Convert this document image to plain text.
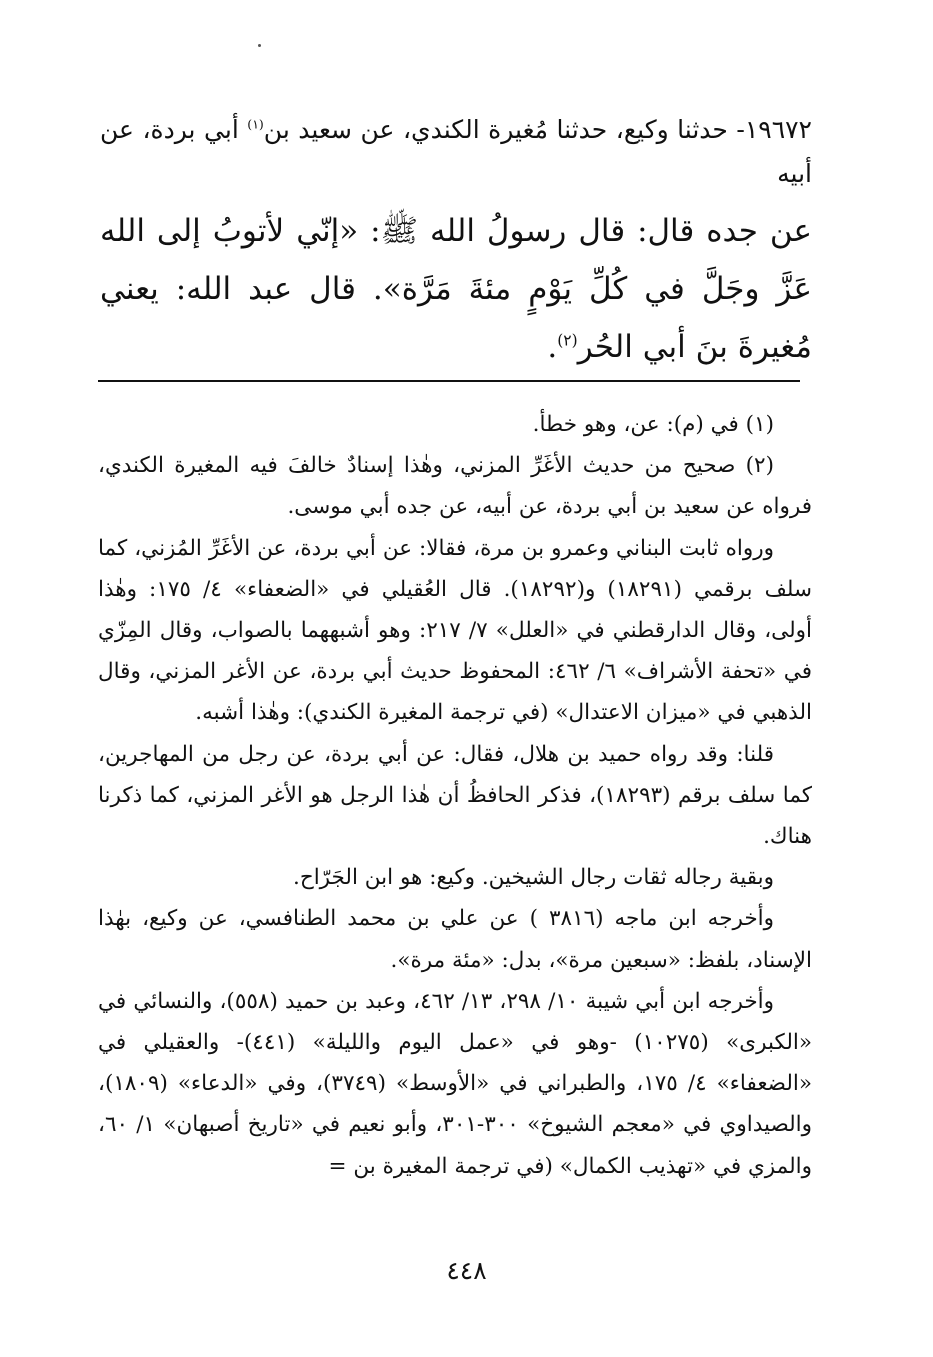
١٩٦٧٢- حدثنا وكيع، حدثنا مُغيرة الكندي، عن سعيد بن$^{(١)}$ أبي بردة، عن أبيه

عن جده قال: قال رسولُ الله ﷺ: «إنّي لأتوبُ إلى الله عَزَّ وجَلَّ في كُلِّ يَوْمٍ مئةَ مَرَّة». قال عبد الله: يعني مُغيرةَ بنَ أبي الحُر$^{(٢)}$.

(١) في (م): عن، وهو خطأ.

(٢) صحيح من حديث الأغَرِّ المزني، وهٰذا إسنادٌ خالفَ فيه المغيرة الكندي، فرواه عن سعيد بن أبي بردة، عن أبيه، عن جده أبي موسى.

ورواه ثابت البناني وعمرو بن مرة، فقالا: عن أبي بردة، عن الأغَرِّ المُزني، كما سلف برقمي (١٨٢٩١) و(١٨٢٩٢). قال العُقيلي في «الضعفاء» ٤/ ١٧٥: وهٰذا أولى، وقال الدارقطني في «العلل» ٧/ ٢١٧: وهو أشبههما بالصواب، وقال المِزّي في «تحفة الأشراف» ٦/ ٤٦٢: المحفوظ حديث أبي بردة، عن الأغر المزني، وقال الذهبي في «ميزان الاعتدال» (في ترجمة المغيرة الكندي): وهٰذا أشبه.

قلنا: وقد رواه حميد بن هلال، فقال: عن أبي بردة، عن رجل من المهاجرين، كما سلف برقم (١٨٢٩٣)، فذكر الحافظُ أن هٰذا الرجل هو الأغر المزني، كما ذكرنا هناك.

وبقية رجاله ثقات رجال الشيخين. وكيع: هو ابن الجَرّاح.

وأخرجه ابن ماجه (٣٨١٦ ) عن علي بن محمد الطنافسي، عن وكيع، بهٰذا الإسناد، بلفظ: «سبعين مرة»، بدل: «مئة مرة».

وأخرجه ابن أبي شيبة ١٠/ ٢٩٨، ١٣/ ٤٦٢، وعبد بن حميد (٥٥٨)، والنسائي في «الكبرى» (١٠٢٧٥) -وهو في «عمل اليوم والليلة» (٤٤١)- والعقيلي في «الضعفاء» ٤/ ١٧٥، والطبراني في «الأوسط» (٣٧٤٩)، وفي «الدعاء» (١٨٠٩)، والصيداوي في «معجم الشيوخ» ٣٠٠-٣٠١، وأبو نعيم في «تاريخ أصبهان» ١/ ٦٠، والمزي في «تهذيب الكمال» (في ترجمة المغيرة بن =

٤٤٨
